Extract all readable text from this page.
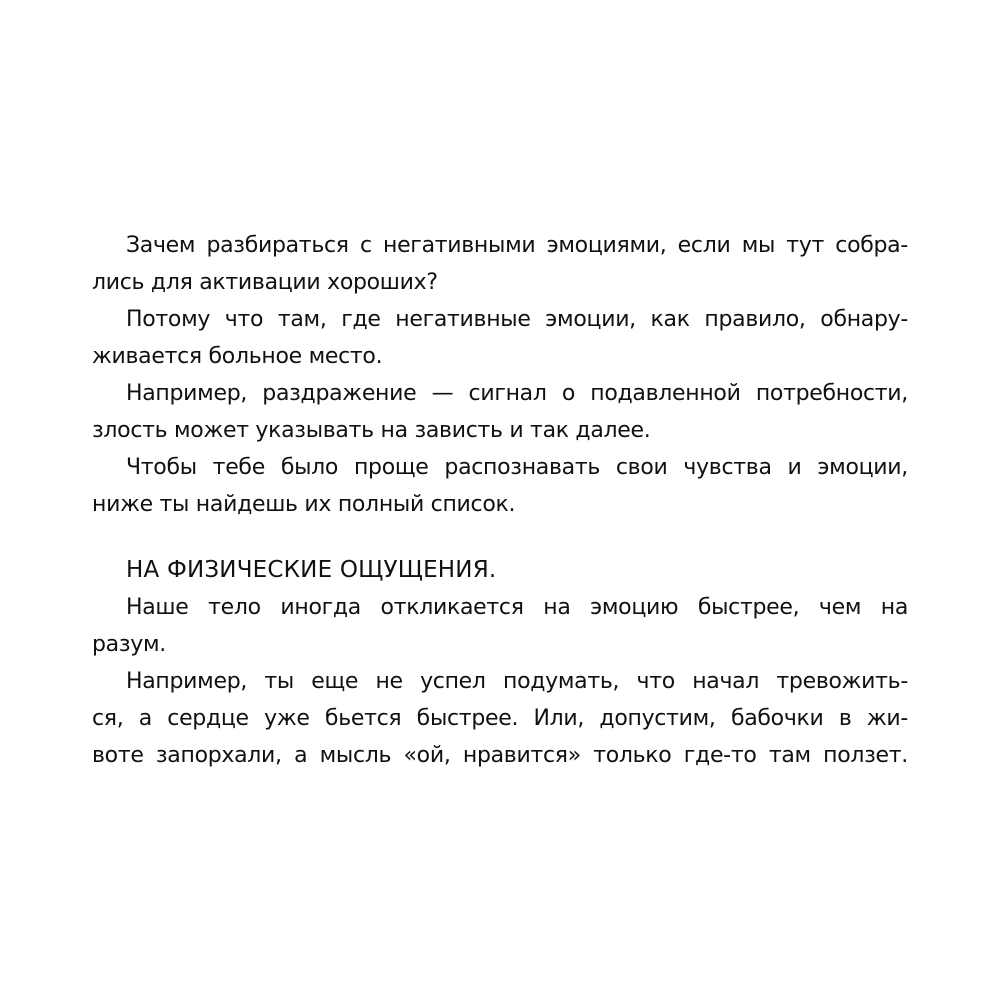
Зачем разбираться с негативными эмоциями, если мы тут собра-

лись для активации хороших?

Потому что там, где негативные эмоции, как правило, обнару-

живается больное место.

Например, раздражение — сигнал о подавленной потребности,

злость может указывать на зависть и так далее.

Чтобы тебе было проще распознавать свои чувства и эмоции,

ниже ты найдешь их полный список.

НА ФИЗИЧЕСКИЕ ОЩУЩЕНИЯ.

Наше тело иногда откликается на эмоцию быстрее, чем на

разум.

Например, ты еще не успел подумать, что начал тревожить-

ся, а сердце уже бьется быстрее. Или, допустим, бабочки в жи-

воте запорхали, а мысль «ой, нравится» только где-то там ползет.
